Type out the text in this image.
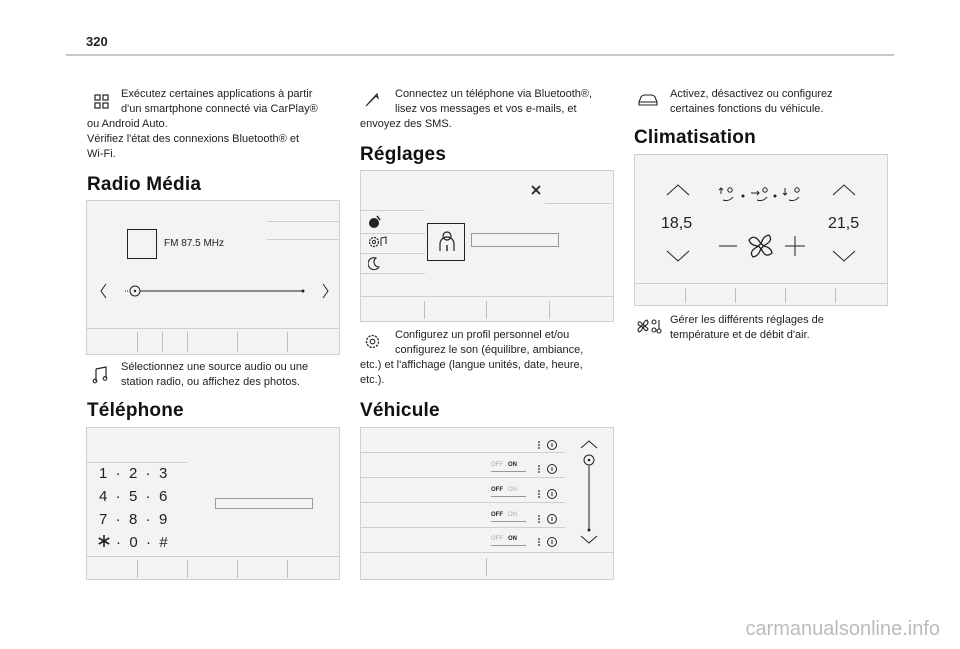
320
Exécutez certaines applications à partir
d'un smartphone connecté via CarPlay®
ou Android Auto.
Vérifiez l'état des connexions Bluetooth® et
Wi-Fi.
Radio Média
FM 87.5 MHz
Sélectionnez une source audio ou une
station radio, ou affichez des photos.
Téléphone
1  ·  2  ·  3
4  ·  5  ·  6
7  ·  8  ·  9
·  0  ·  #
Connectez un téléphone via Bluetooth®,
lisez vos messages et vos e-mails, et
envoyez des SMS.
Réglages
Configurez un profil personnel et/ou
configurez le son (équilibre, ambiance,
etc.) et l'affichage (langue unités, date, heure,
etc.).
Véhicule
OFF ON
OFF ON
OFF ON
OFF ON
Activez, désactivez ou configurez
certaines fonctions du véhicule.
Climatisation
18,5	21,5
Gérer les différents réglages de
température et de débit d'air.
carmanualsonline.info
